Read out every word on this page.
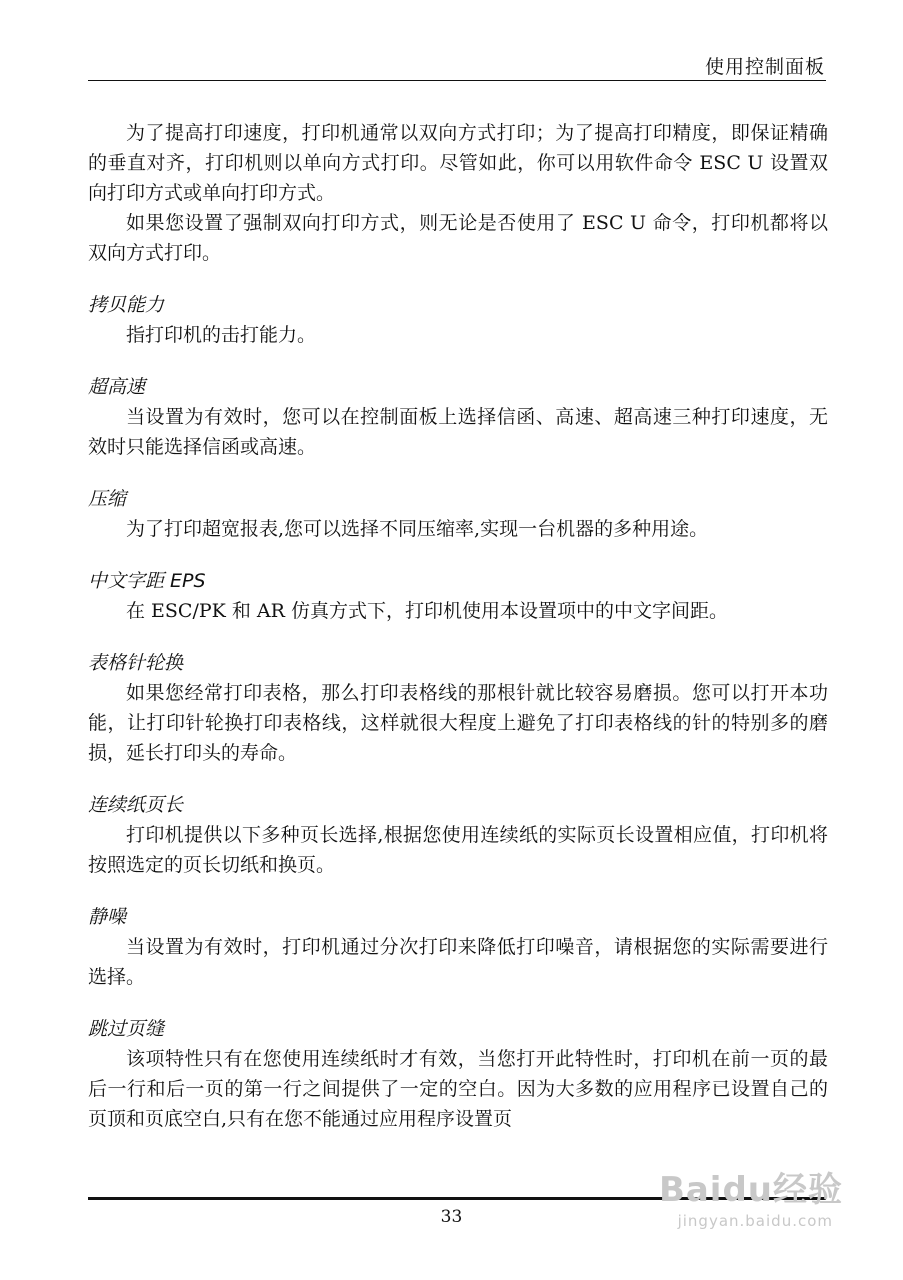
使用控制面板

为了提高打印速度，打印机通常以双向方式打印；为了提高打印精度，即保证精确的垂直对齐，打印机则以单向方式打印。尽管如此，你可以用软件命令 ESC U 设置双向打印方式或单向打印方式。

如果您设置了强制双向打印方式，则无论是否使用了 ESC U 命令，打印机都将以双向方式打印。

拷贝能力

指打印机的击打能力。

超高速

当设置为有效时，您可以在控制面板上选择信函、高速、超高速三种打印速度，无效时只能选择信函或高速。

压缩

为了打印超宽报表,您可以选择不同压缩率,实现一台机器的多种用途。

中文字距 EPS

在 ESC/PK 和 AR 仿真方式下，打印机使用本设置项中的中文字间距。

表格针轮换

如果您经常打印表格，那么打印表格线的那根针就比较容易磨损。您可以打开本功能，让打印针轮换打印表格线，这样就很大程度上避免了打印表格线的针的特别多的磨损，延长打印头的寿命。

连续纸页长

打印机提供以下多种页长选择,根据您使用连续纸的实际页长设置相应值，打印机将按照选定的页长切纸和换页。

静噪

当设置为有效时，打印机通过分次打印来降低打印噪音，请根据您的实际需要进行选择。

跳过页缝

该项特性只有在您使用连续纸时才有效，当您打开此特性时，打印机在前一页的最后一行和后一页的第一行之间提供了一定的空白。因为大多数的应用程序已设置自己的页顶和页底空白,只有在您不能通过应用程序设置页

33
Baidu经验
jingyan.baidu.com
